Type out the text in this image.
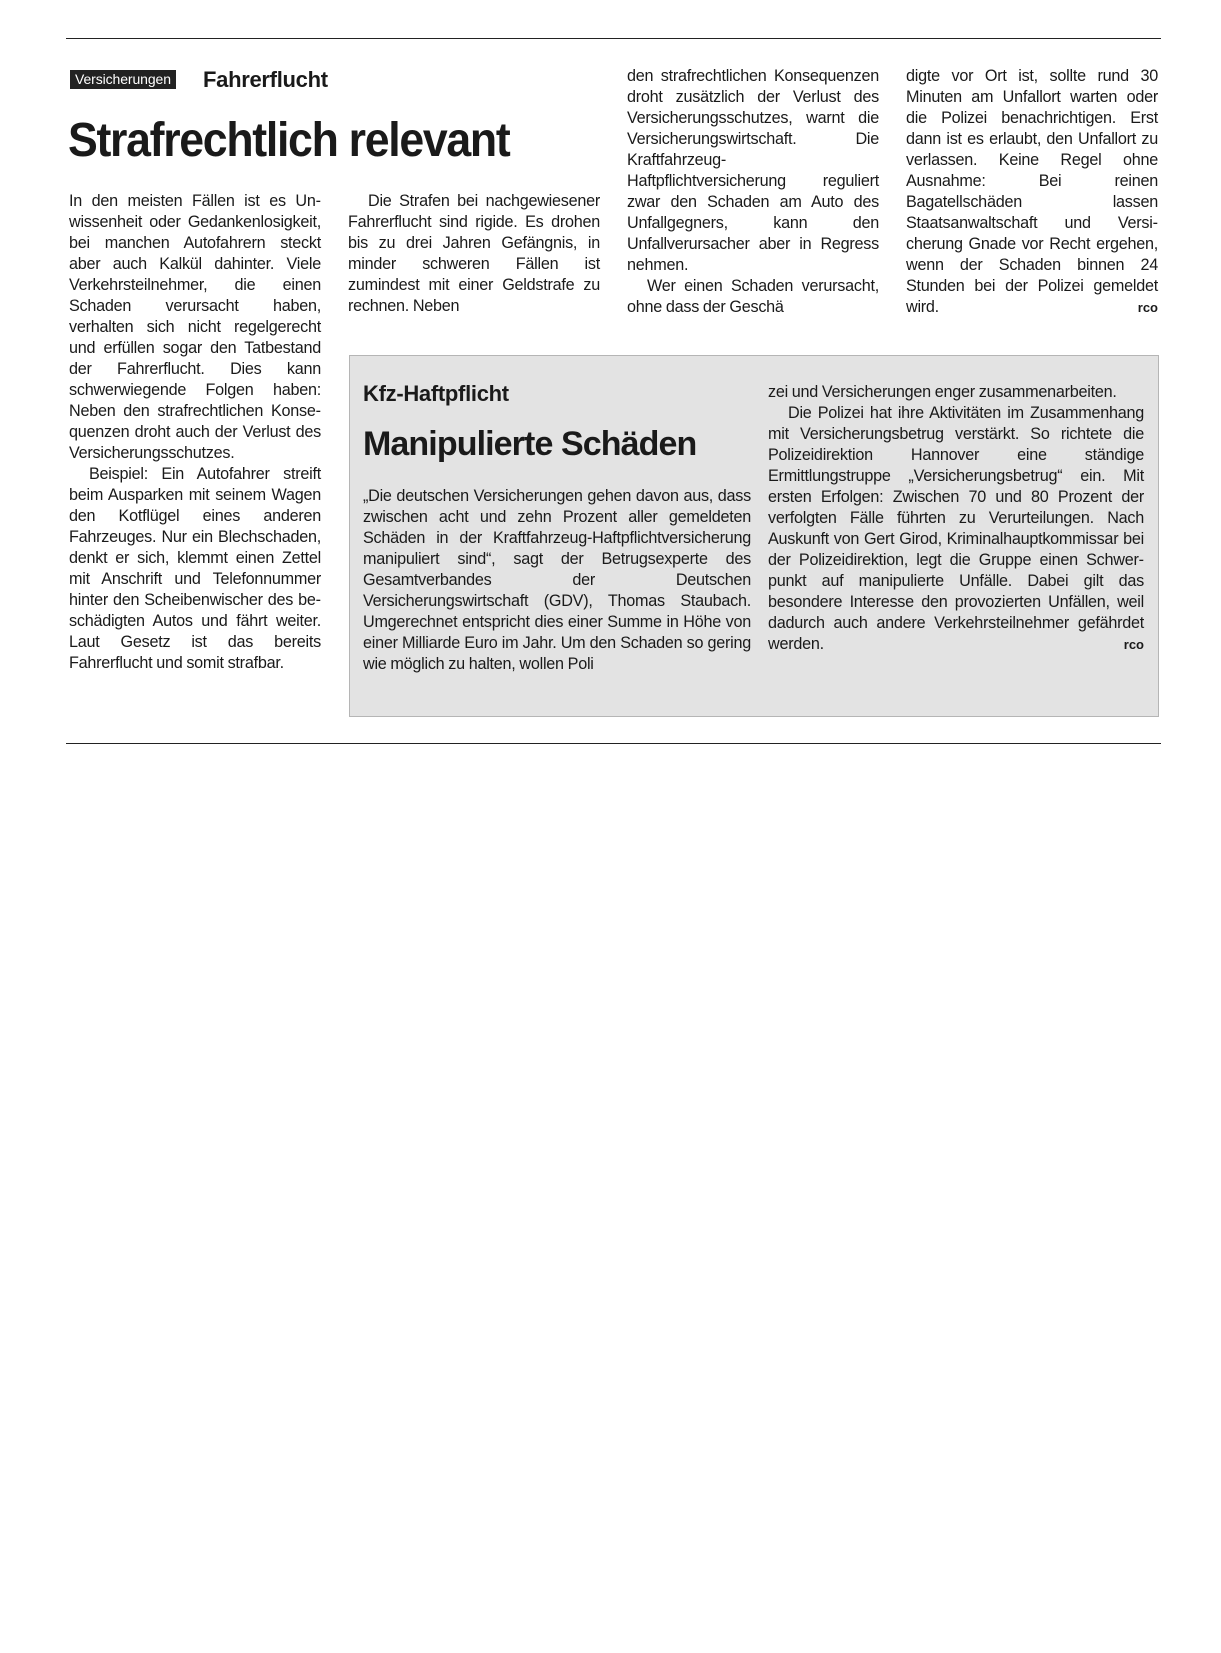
Versicherungen Fahrerflucht
Strafrechtlich relevant

In den meisten Fällen ist es Unwissenheit oder Gedankenlosigkeit, bei manchen Autofahrern steckt aber auch Kalkül dahinter. Viele Verkehrsteilnehmer, die einen Schaden verursacht haben, verhalten sich nicht regelgerecht und erfüllen sogar den Tatbestand der Fahrerflucht. Dies kann schwerwiegende Folgen haben: Neben den strafrechtlichen Konsequenzen droht auch der Verlust des Versicherungsschutzes.

Beispiel: Ein Autofahrer streift beim Ausparken mit seinem Wagen den Kotflügel eines anderen Fahrzeuges. Nur ein Blechschaden, denkt er sich, klemmt einen Zettel mit Anschrift und Telefonnummer hinter den Scheibenwischer des beschädigten Autos und fährt weiter. Laut Gesetz ist das bereits Fahrerflucht und somit strafbar.

Die Strafen bei nachgewiesener Fahrerflucht sind rigide. Es drohen bis zu drei Jahren Gefängnis, in minder schweren Fällen ist zumindest mit einer Geldstrafe zu rechnen. Neben

den strafrechtlichen Konsequenzen droht zusätzlich der Verlust des Versicherungsschutzes, warnt die Versicherungswirtschaft. Die Kraftfahrzeug-Haftpflichtversicherung reguliert zwar den Schaden am Auto des Unfallgegners, kann den Unfallverursacher aber in Regress nehmen.

Wer einen Schaden verursacht, ohne dass der Geschä

digte vor Ort ist, sollte rund 30 Minuten am Unfallort warten oder die Polizei benachrichtigen. Erst dann ist es erlaubt, den Unfallort zu verlassen. Keine Regel ohne Ausnahme: Bei reinen Bagatellschäden lassen Staatsanwaltschaft und Versicherung Gnade vor Recht ergehen, wenn der Schaden binnen 24 Stunden bei der Polizei gemeldet wird.	rco

Kfz-Haftpflicht
Manipulierte Schäden

„Die deutschen Versicherungen gehen davon aus, dass zwischen acht und zehn Prozent aller gemeldeten Schäden in der Kraftfahrzeug-Haftpflichtversicherung manipuliert sind“, sagt der Betrugsexperte des Gesamtverbandes der Deutschen Versicherungswirtschaft (GDV), Thomas Staubach. Umgerechnet entspricht dies einer Summe in Höhe von einer Milliarde Euro im Jahr. Um den Schaden so gering wie möglich zu halten, wollen Poli

zei und Versicherungen enger zusammenarbeiten.

Die Polizei hat ihre Aktivitäten im Zusammenhang mit Versicherungsbetrug verstärkt. So richtete die Polizeidirektion Hannover eine ständige Ermittlungstruppe „Versicherungsbetrug“ ein. Mit ersten Erfolgen: Zwischen 70 und 80 Prozent der verfolgten Fälle führten zu Verurteilungen. Nach Auskunft von Gert Girod, Kriminalhauptkommissar bei der Polizeidirektion, legt die Gruppe einen Schwerpunkt auf manipulierte Unfälle. Dabei gilt das besondere Interesse den provozierten Unfällen, weil dadurch auch andere Verkehrsteilnehmer gefährdet werden.	rco
